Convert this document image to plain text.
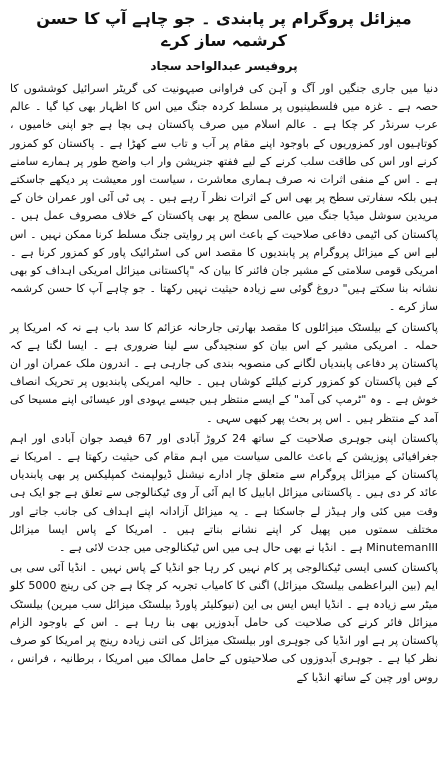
میزائل پروگرام پر پابندی ۔ جو چاہے آپ کا حسن کرشمہ ساز کرے
پروفیسر عبدالواحد سجاد

دنیا میں جاری جنگیں اور آگ و آہن کی فراوانی صیہونیت کی گریٹر اسرائیل کوششوں کا حصہ ہے ۔ غزہ میں فلسطینیوں پر مسلط کردہ جنگ میں اس کا اظہار بھی کیا گیا ۔ عالم عرب سرنڈر کر چکا ہے ۔ عالم اسلام میں صرف پاکستان ہی بچا ہے جو اپنی خامیوں ، کوتاہیوں اور کمزوریوں کے باوجود اپنے مقام پر آب و تاب سے کھڑا ہے ۔ پاکستان کو کمزور کرنے اور اس کی طاقت سلب کرنے کے لیے ففتھ جنریشن وار اب واضح طور پر ہمارے سامنے ہے ۔ اس کے منفی اثرات نہ صرف ہماری معاشرت ، سیاست اور معیشت پر دیکھے جاسکتے ہیں بلکہ سفارتی سطح پر بھی اس کے اثرات نظر آ رہے ہیں ۔ پی ٹی آئی اور عمران خان کے مریدین سوشل میڈیا جنگ میں عالمی سطح پر بھی پاکستان کے خلاف مصروف عمل ہیں ۔ پاکستان کی اٹیمی دفاعی صلاحیت کے باعث اس پر روایتی جنگ مسلط کرنا ممکن نہیں ۔ اس لیے اس کے میزائل پروگرام پر پابندیوں کا مقصد اس کی اسٹرائیک پاور کو کمزور کرنا ہے ۔ امریکی قومی سلامتی کے مشیر جان فائنر کا بیان کہ "پاکستانی میزائل امریکی اہداف کو بھی نشانہ بنا سکتے ہیں" دروغ گوئی سے زیادہ حیثیت نہیں رکھتا ۔ جو چاہے آپ کا حسن کرشمہ ساز کرے ۔

پاکستان کے بیلسٹک میزائلوں کا مقصد بھارتی جارحانہ عزائم کا سد باب ہے نہ کہ امریکا پر حملہ ۔ امریکی مشیر کے اس بیان کو سنجیدگی سے لینا ضروری ہے ۔ ایسا لگتا ہے کہ پاکستان پر دفاعی پابندیاں لگانے کی منصوبہ بندی کی جارہی ہے ۔ اندرون ملک عمران اور ان کے فین پاکستان کو کمزور کرنے کیلئے کوشاں ہیں ۔ حالیہ امریکی پابندیوں پر تحریک انصاف خوش ہے ۔ وہ "ٹرمپ کی آمد" کے ایسے منتظر ہیں جیسے یہودی اور عیسائی اپنے مسیحا کی آمد کے منتظر ہیں ۔ اس پر بحث پھر کبھی سہی ۔

پاکستان اپنی جوہری صلاحیت کے ساتھ 24 کروڑ آبادی اور 67 فیصد جوان آبادی اور اہم جغرافیائی پوزیشن کے باعث عالمی سیاست میں اہم مقام کی حیثیت رکھتا ہے ۔ امریکا نے پاکستان کے میزائل پروگرام سے متعلق چار ادارے نیشنل ڈیولپمنٹ کمپلیکس پر بھی پابندیاں عائد کر دی ہیں ۔ پاکستانی میزائل ابابیل کا ایم آئی آر وی ٹیکنالوجی سے تعلق ہے جو ایک ہی وقت میں کئی وار ہیڈز لے جاسکتا ہے ۔ یہ میزائل آزادانہ اپنے اہداف کی جانب جاتے اور مختلف سمتوں میں پھیل کر اپنے نشانے بناتے ہیں ۔ امریکا کے پاس ایسا میزائل MinutemanIII ہے ۔ انڈیا نے بھی حال ہی میں اس ٹیکنالوجی میں جدت لائی ہے ۔

پاکستان کسی ایسی ٹیکنالوجی پر کام نہیں کر رہا جو انڈیا کے پاس نہیں ۔ انڈیا آئی سی بی ایم (بین البراعظمی بیلسٹک میزائل) اگنی کا کامیاب تجربہ کر چکا ہے جن کی رینج 5000 کلو میٹر سے زیادہ ہے ۔ انڈیا ایس ایس بی این (نیوکلیئر پاورڈ بیلسٹک میزائل سب میرین) بیلسٹک میزائل فائر کرنے کی صلاحیت کی حامل آبدوزیں بھی بنا رہا ہے ۔ اس کے باوجود الزام پاکستان پر ہے اور انڈیا کی جوہری اور بیلسٹک میزائل کی اتنی زیادہ رینج پر امریکا کو صرف نظر کیا ہے ۔ جوہری آبدوزوں کی صلاحیتوں کے حامل ممالک میں امریکا ، برطانیہ ، فرانس ، روس اور چین کے ساتھ انڈیا کے
